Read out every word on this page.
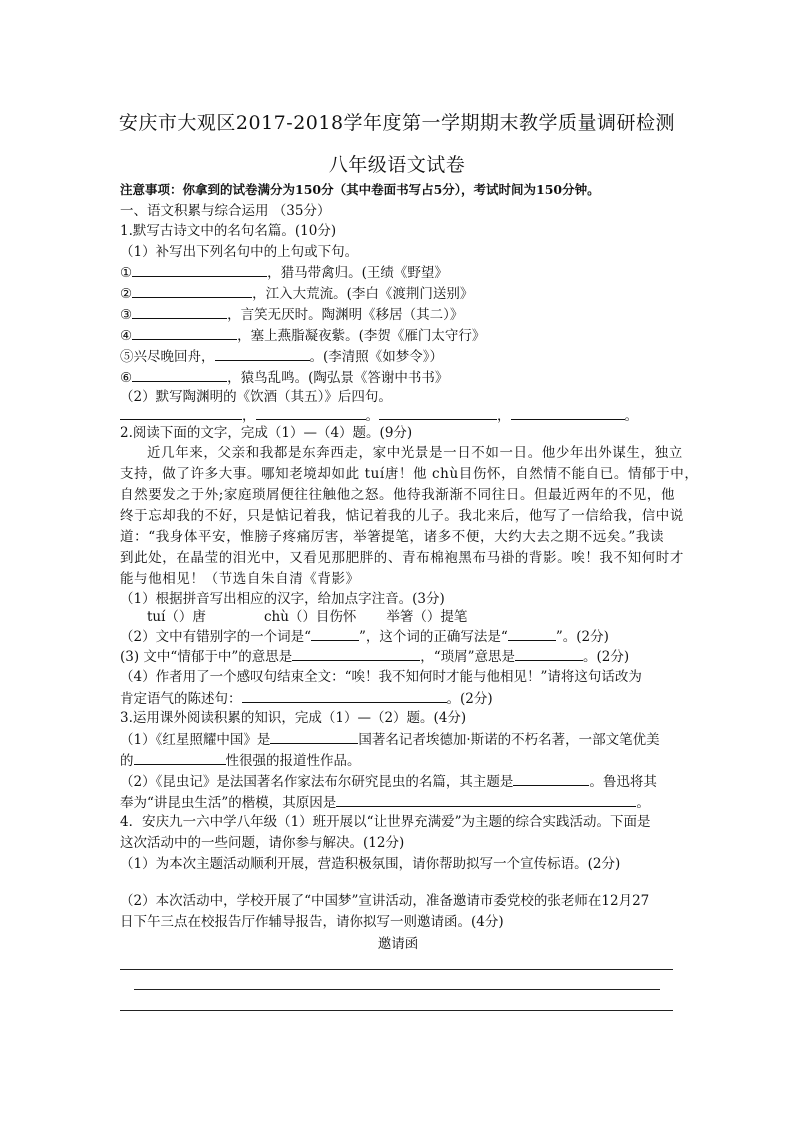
安庆市大观区2017-2018学年度第一学期期末教学质量调研检测
八年级语文试卷
注意事项：你拿到的试卷满分为150分（其中卷面书写占5分），考试时间为150分钟。
一、语文积累与综合运用 （35分）
1.默写古诗文中的名句名篇。(10分)
（1）补写出下列名句中的上句或下句。
①	，猎马带禽归。(王绩《野望》
②	，江入大荒流。(李白《渡荆门送别》
③	，言笑无厌时。陶渊明《移居（其二）》
④	，塞上燕脂凝夜紫。(李贺《雁门太守行》
⑤兴尽晚回舟，	。(李清照《如梦令》）
⑥	，猿鸟乱鸣。(陶弘景《答谢中书书》
（2）默写陶渊明的《饮酒（其五）》后四句。
，	。	，	。
2.阅读下面的文字，完成（1）—（4）题。(9分)
近几年来，父亲和我都是东奔西走，家中光景是一日不如一日。他少年出外谋生，独立
支持，做了许多大事。哪知老境却如此 tuí唐！他 chù目伤怀，自然情不能自已。情郁于中，
自然要发之于外;家庭琐屑便往往触他之怒。他待我渐渐不同往日。但最近两年的不见，他
终于忘却我的不好，只是惦记着我，惦记着我的儿子。我北来后，他写了一信给我，信中说
道：“我身体平安，惟膀子疼痛厉害，举箸提笔，诸多不便，大约大去之期不远矣。”我读
到此处，在晶莹的泪光中，又看见那肥胖的、青布棉袍黑布马褂的背影。唉！我不知何时才
能与他相见！（节选自朱自清《背影》
（1）根据拼音写出相应的汉字，给加点字注音。(3分)
tuí（）唐	chù（）目伤怀 举箸（）提笔
（2）文中有错别字的一个词是“	”，这个词的正确写法是“	”。(2分)
(3) 文中“情郁于中”的意思是	，“琐屑”意思是	。(2分)
（4）作者用了一个感叹句结束全文：“唉！我不知何时才能与他相见！”请将这句话改为
肯定语气的陈述句：	。(2分)
3.运用课外阅读积累的知识，完成（1）—（2）题。(4分)
（1）《红星照耀中国》是	国著名记者埃德加·斯诺的不朽名著，一部文笔优美
的	性很强的报道性作品。
（2）《昆虫记》是法国著名作家法布尔研究昆虫的名篇，其主题是	。鲁迅将其
奉为“讲昆虫生活”的楷模，其原因是	。
4．安庆九一六中学八年级（1）班开展以“让世界充满爱”为主题的综合实践活动。下面是
这次活动中的一些问题，请你参与解决。(12分)
（1）为本次主题活动顺利开展，营造积极氛围，请你帮助拟写一个宣传标语。(2分)
（2）本次活动中，学校开展了“中国梦”宣讲活动，准备邀请市委党校的张老师在12月27
日下午三点在校报告厅作辅导报告，请你拟写一则邀请函。(4分)
邀请函
